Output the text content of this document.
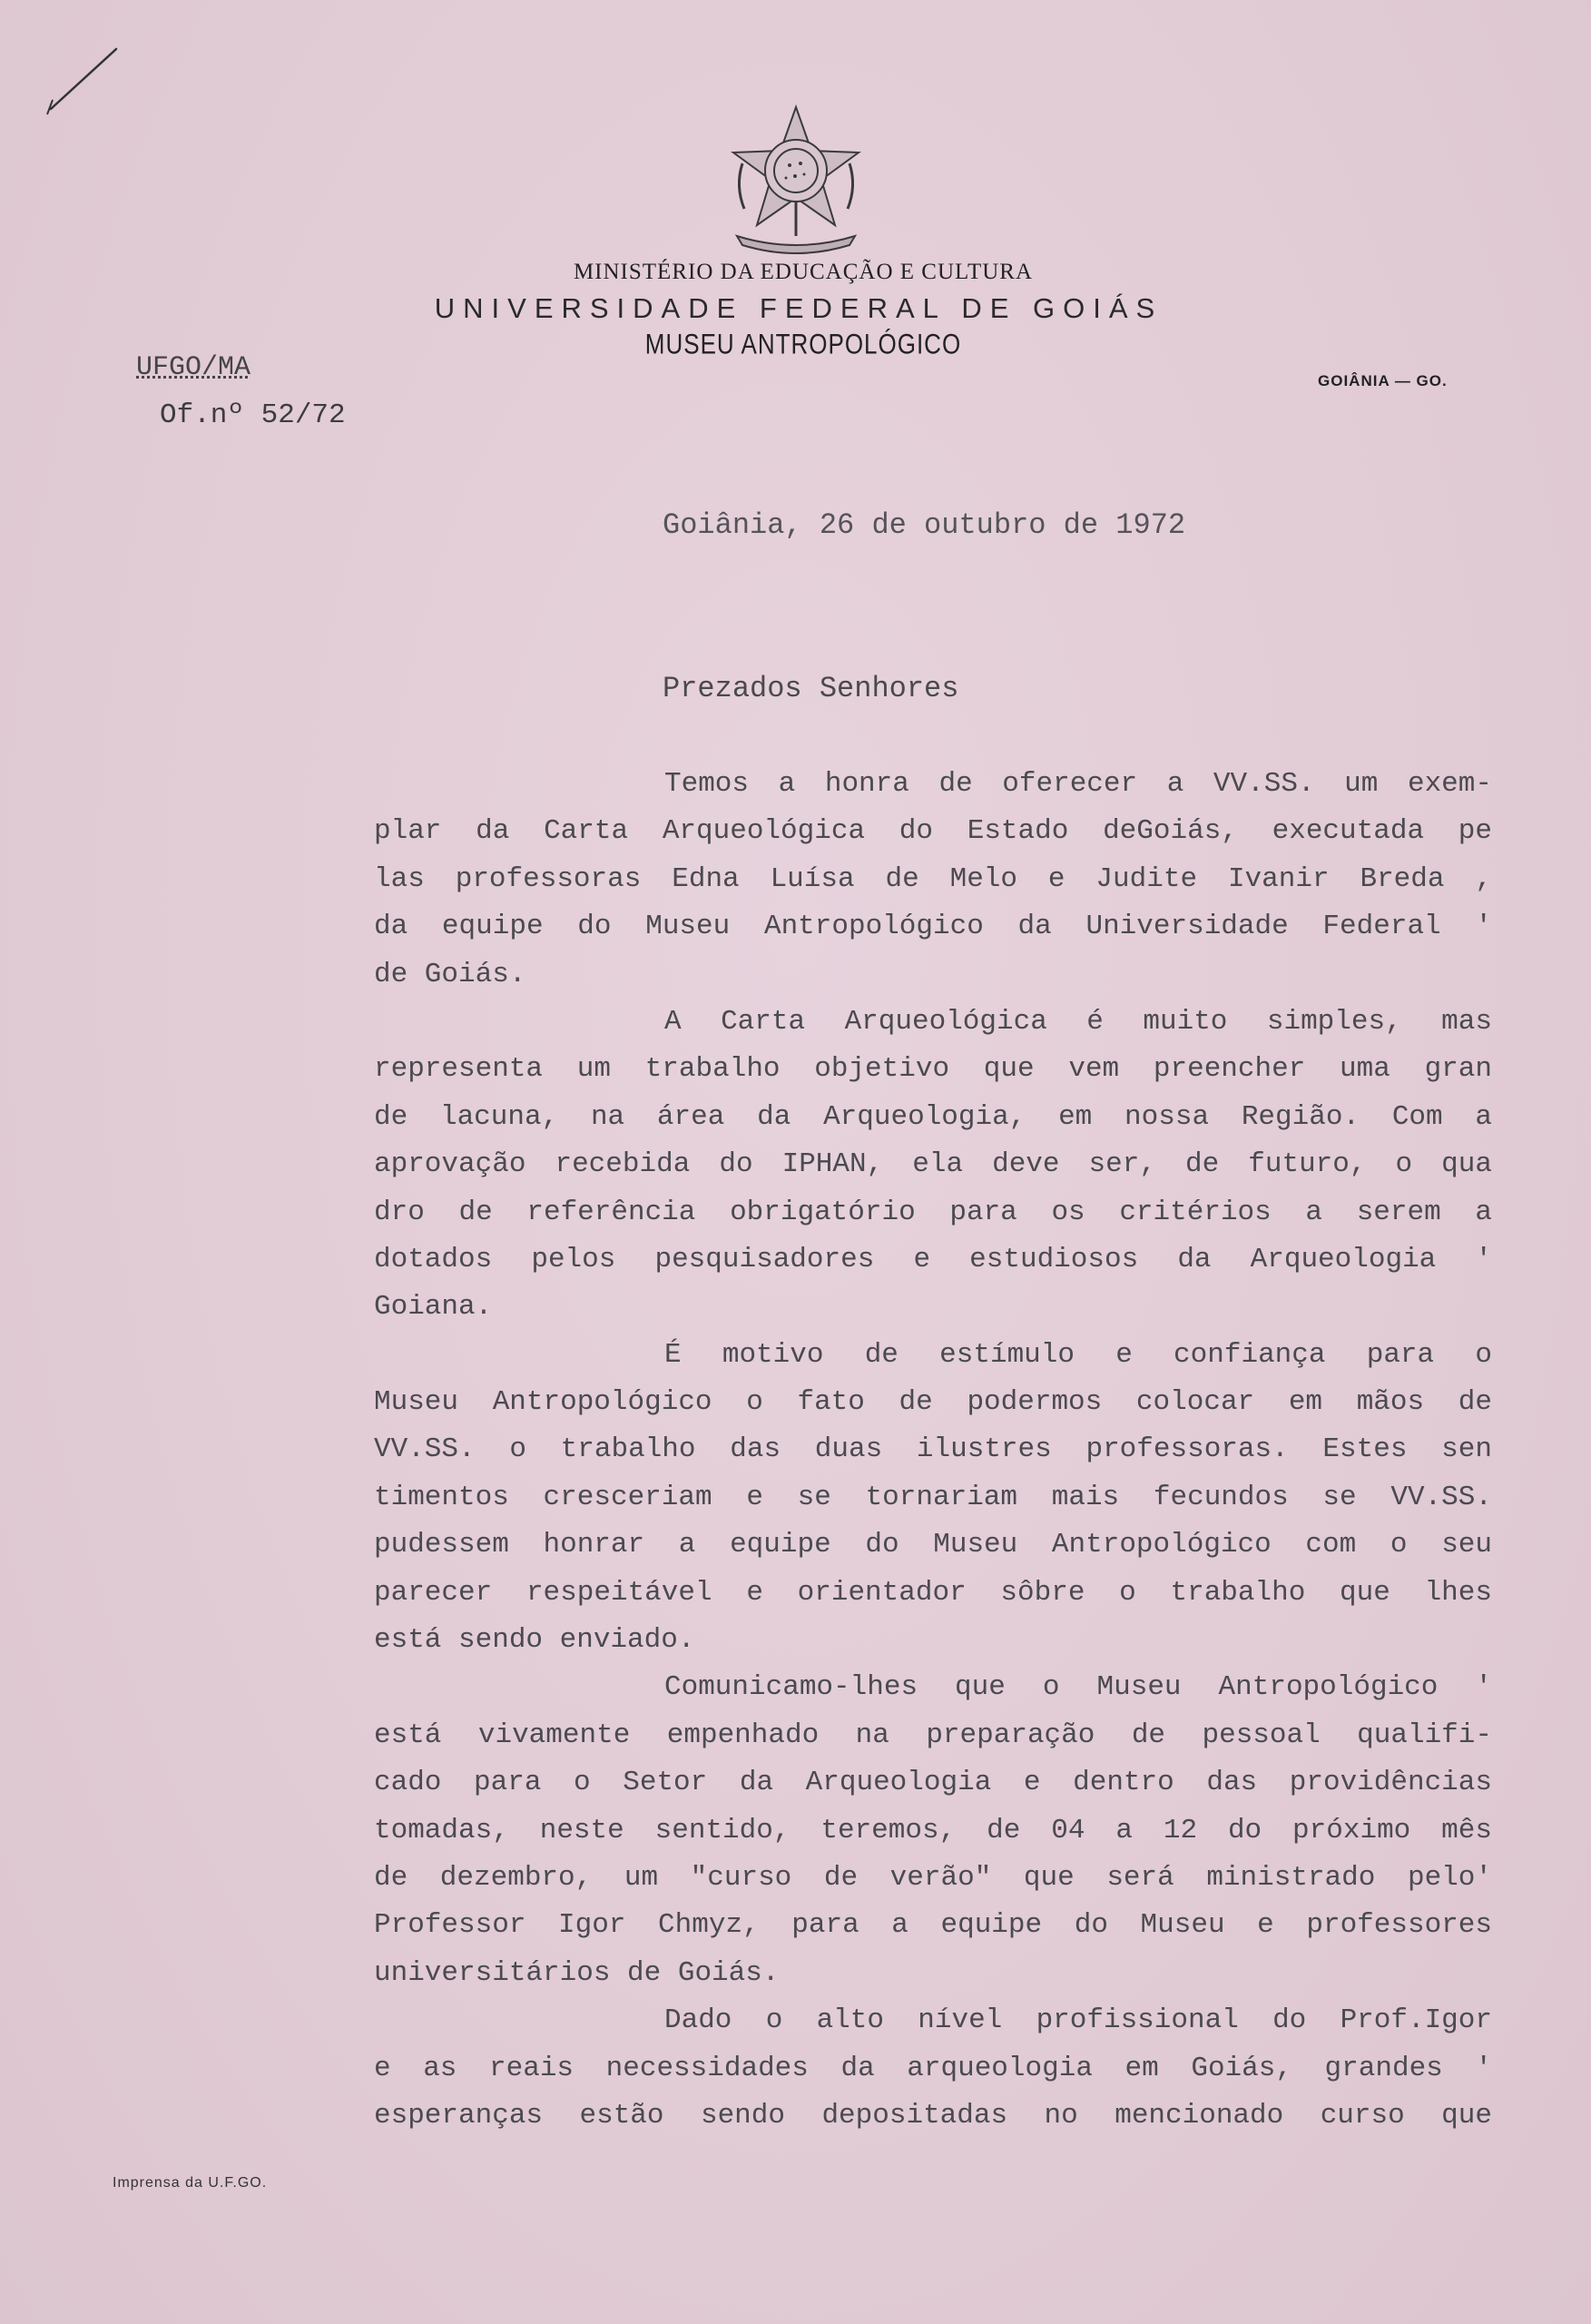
MINISTÉRIO DA EDUCAÇÃO E CULTURA
UNIVERSIDADE FEDERAL DE GOIÁS
MUSEU ANTROPOLÓGICO
UFGO/MA
Of.nº 52/72
GOIÂNIA — GO.
Goiânia, 26 de outubro de 1972
Prezados Senhores
Temos a honra de oferecer a VV.SS. um exem-
plar da Carta Arqueológica do Estado deGoiás, executada pe
las professoras Edna Luísa de Melo e Judite Ivanir Breda ,
da equipe do Museu Antropológico da Universidade Federal '
de Goiás.
A Carta Arqueológica é muito simples, mas
representa um trabalho objetivo que vem preencher uma gran
de lacuna, na área da Arqueologia, em nossa Região. Com a
aprovação recebida do IPHAN, ela deve ser, de futuro, o qua
dro de referência obrigatório para os critérios a serem a
dotados pelos pesquisadores e estudiosos da Arqueologia '
Goiana.
É motivo de estímulo e confiança para o
Museu Antropológico o fato de podermos colocar em mãos de
VV.SS. o trabalho das duas ilustres professoras. Estes sen
timentos cresceriam e se tornariam mais fecundos se VV.SS.
pudessem honrar a equipe do Museu Antropológico com o seu
parecer respeitável e orientador sôbre o trabalho que lhes
está sendo enviado.
Comunicamo-lhes que o Museu Antropológico '
está vivamente empenhado na preparação de pessoal qualifi-
cado para o Setor da Arqueologia e dentro das providências
tomadas, neste sentido, teremos, de 04 a 12 do próximo mês
de dezembro, um "curso de verão" que será ministrado pelo'
Professor Igor Chmyz, para a equipe do Museu e professores
universitários de Goiás.
Dado o alto nível profissional do Prof.Igor
e as reais necessidades da arqueologia em Goiás, grandes '
esperanças estão sendo depositadas no mencionado curso que
Imprensa da U.F.GO.
